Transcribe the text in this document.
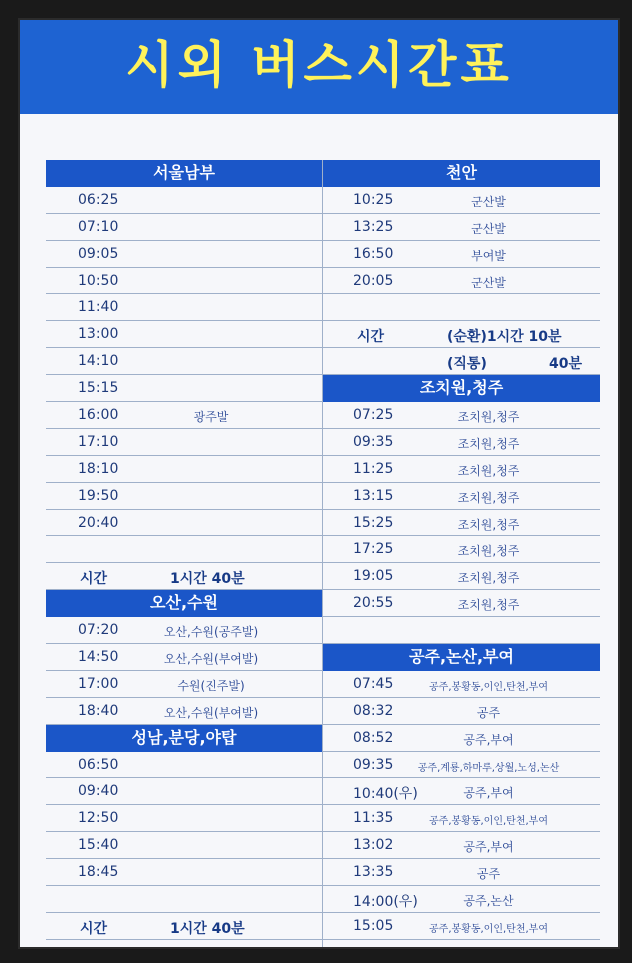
시외 버스시간표
서울남부
06:25
07:10
09:05
10:50
11:40
13:00
14:10
15:15
16:00	광주발
17:10
18:10
19:50
20:40
시간	1시간 40분
오산,수원
07:20	오산,수원(공주발)
14:50	오산,수원(부여발)
17:00	수원(진주발)
18:40	오산,수원(부여발)
성남,분당,야탑
06:50
09:40
12:50
15:40
18:45
시간	1시간 40분
천안
10:25	군산발
13:25	군산발
16:50	부여발
20:05	군산발
시간	(순환)1시간 10분
(직통)	40분
조치원,청주
07:25	조치원,청주
09:35	조치원,청주
11:25	조치원,청주
13:15	조치원,청주
15:25	조치원,청주
17:25	조치원,청주
19:05	조치원,청주
20:55	조치원,청주
공주,논산,부여
07:45	공주,봉황동,이인,탄천,부여
08:32	공주
08:52	공주,부여
09:35	공주,계룡,하마루,상월,노성,논산
10:40(우)	공주,부여
11:35	공주,봉황동,이인,탄천,부여
13:02	공주,부여
13:35	공주
14:00(우)	공주,논산
15:05	공주,봉황동,이인,탄천,부여
